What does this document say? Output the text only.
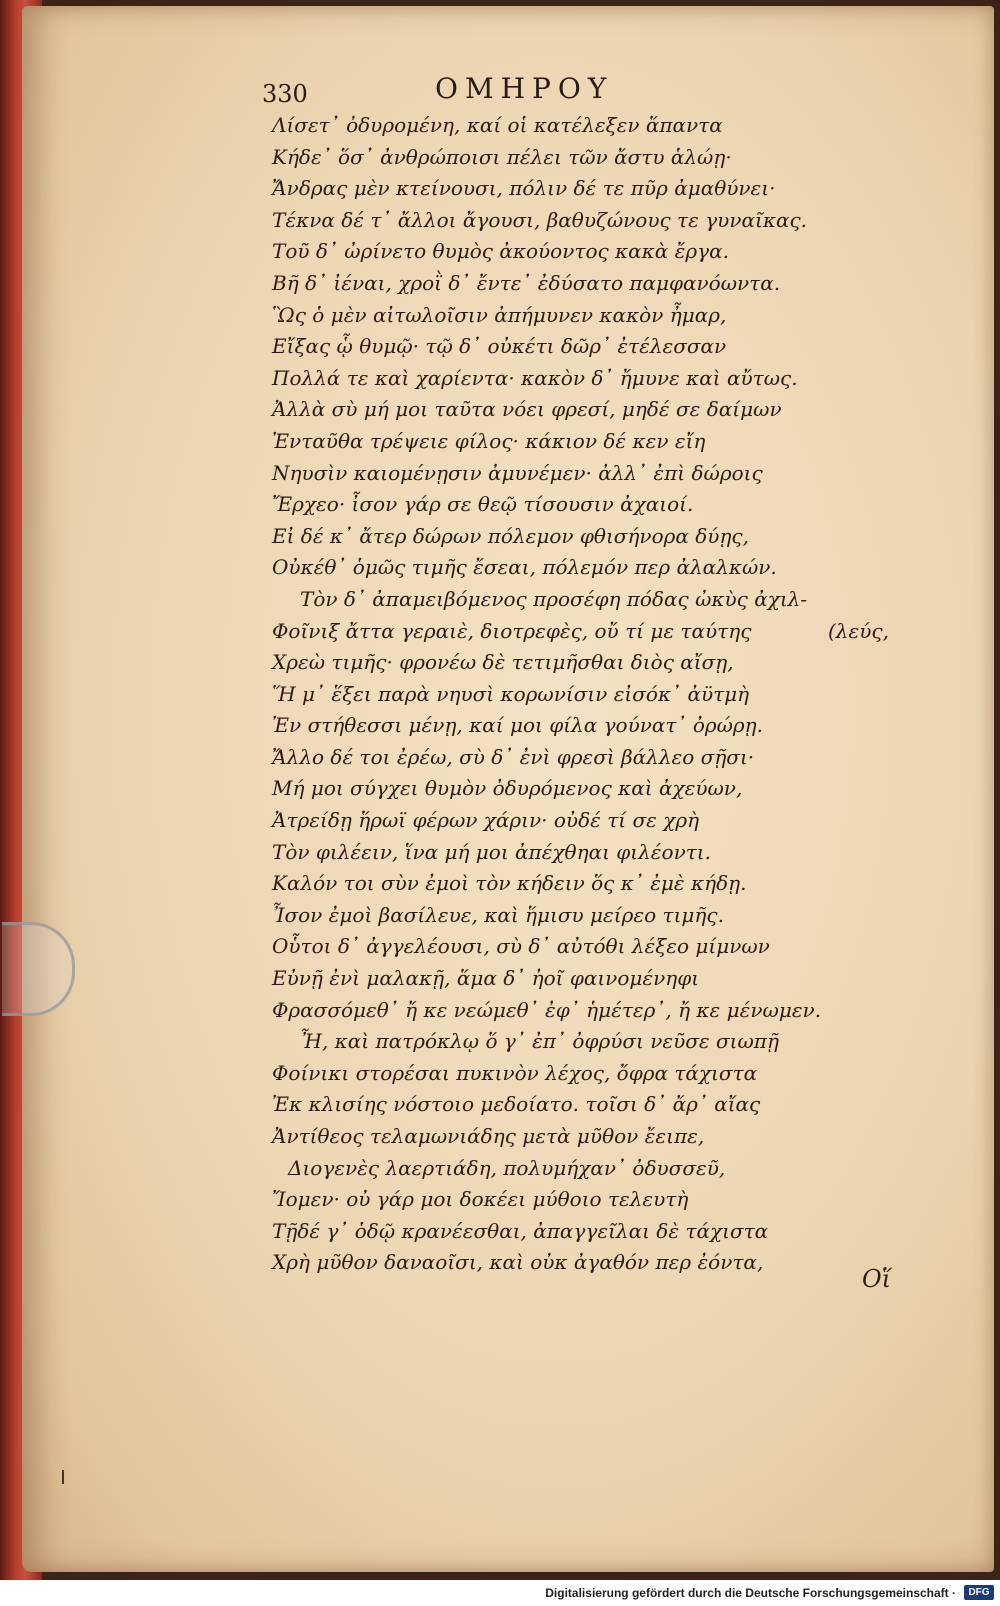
330	ΟΜΗΡΟΥ
Λίσετ᾽ ὀδυρομένη, καί οἱ κατέλεξεν ἅπαντα
Κήδε᾽ ὅσ᾽ ἀνθρώποισι πέλει τῶν ἄστυ ἁλώῃ·
Ἄνδρας μὲν κτείνουσι, πόλιν δέ τε πῦρ ἀμαθύνει·
Τέκνα δέ τ᾽ ἄλλοι ἄγουσι, βαθυζώνους τε γυναῖκας.
Τοῦ δ᾽ ὠρίνετο θυμὸς ἀκούοντος κακὰ ἔργα.
Βῆ δ᾽ ἰέναι, χροῒ δ᾽ ἔντε᾽ ἐδύσατο παμφανόωντα.
Ὣς ὁ μὲν αἰτωλοῖσιν ἀπήμυνεν κακὸν ἦμαρ,
Εἴξας ᾧ θυμῷ· τῷ δ᾽ οὐκέτι δῶρ᾽ ἐτέλεσσαν
Πολλά τε καὶ χαρίεντα· κακὸν δ᾽ ἤμυνε καὶ αὔτως.
Ἀλλὰ σὺ μή μοι ταῦτα νόει φρεσί, μηδέ σε δαίμων
Ἐνταῦθα τρέψειε φίλος· κάκιον δέ κεν εἴη
Νηυσὶν καιομένῃσιν ἀμυνέμεν· ἀλλ᾽ ἐπὶ δώροις
Ἔρχεο· ἶσον γάρ σε θεῷ τίσουσιν ἀχαιοί.
Εἰ δέ κ᾽ ἄτερ δώρων πόλεμον φθισήνορα δύῃς,
Οὐκέθ᾽ ὁμῶς τιμῆς ἔσεαι, πόλεμόν περ ἀλαλκών.
Τὸν δ᾽ ἀπαμειβόμενος προσέφη πόδας ὠκὺς ἀχιλ-
Φοῖνιξ ἄττα γεραιὲ, διοτρεφὲς, οὔ τί με ταύτης	(λεύς,
Χρεὼ τιμῆς· φρονέω δὲ τετιμῆσθαι διὸς αἴσῃ,
Ἥ μ᾽ ἕξει παρὰ νηυσὶ κορωνίσιν εἰσόκ᾽ ἀϋτμὴ
Ἐν στήθεσσι μένῃ, καί μοι φίλα γούνατ᾽ ὀρώρῃ.
Ἄλλο δέ τοι ἐρέω, σὺ δ᾽ ἐνὶ φρεσὶ βάλλεο σῇσι·
Μή μοι σύγχει θυμὸν ὀδυρόμενος καὶ ἀχεύων,
Ἀτρείδῃ ἥρωϊ φέρων χάριν· οὐδέ τί σε χρὴ
Τὸν φιλέειν, ἵνα μή μοι ἀπέχθηαι φιλέοντι.
Καλόν τοι σὺν ἐμοὶ τὸν κήδειν ὅς κ᾽ ἐμὲ κήδῃ.
Ἶσον ἐμοὶ βασίλευε, καὶ ἥμισυ μείρεο τιμῆς.
Οὗτοι δ᾽ ἀγγελέουσι, σὺ δ᾽ αὐτόθι λέξεο μίμνων
Εὐνῇ ἐνὶ μαλακῇ, ἅμα δ᾽ ἠοῖ φαινομένηφι
Φρασσόμεθ᾽ ἤ κε νεώμεθ᾽ ἐφ᾽ ἡμέτερ᾽, ἤ κε μένωμεν.
Ἦ, καὶ πατρόκλῳ ὅ γ᾽ ἐπ᾽ ὀφρύσι νεῦσε σιωπῇ
Φοίνικι στορέσαι πυκινὸν λέχος, ὄφρα τάχιστα
Ἐκ κλισίης νόστοιο μεδοίατο. τοῖσι δ᾽ ἄρ᾽ αἴας
Ἀντίθεος τελαμωνιάδης μετὰ μῦθον ἔειπε,
Διογενὲς λαερτιάδη, πολυμήχαν᾽ ὀδυσσεῦ,
Ἴομεν· οὐ γάρ μοι δοκέει μύθοιο τελευτὴ
Τῇδέ γ᾽ ὁδῷ κρανέεσθαι, ἀπαγγεῖλαι δὲ τάχιστα
Χρὴ μῦθον δαναοῖσι, καὶ οὐκ ἀγαθόν περ ἐόντα,
Οἵ
Digitalisierung gefördert durch die Deutsche Forschungsgemeinschaft ·	DFG
